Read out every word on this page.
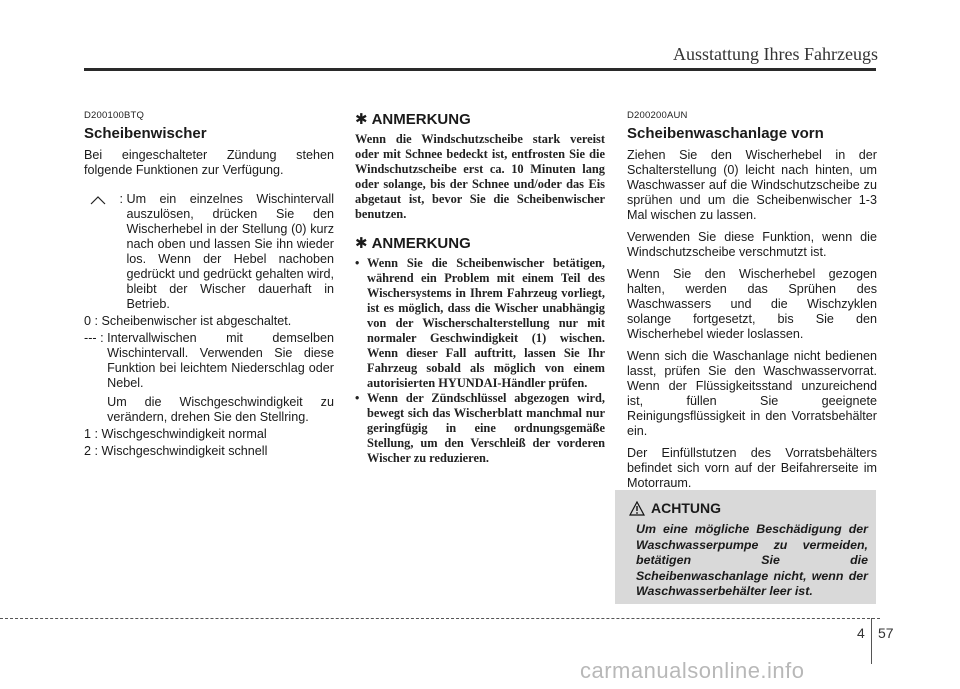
Ausstattung Ihres Fahrzeugs
D200100BTQ
Scheibenwischer
Bei eingeschalteter Zündung stehen folgende Funktionen zur Verfügung.
: Um ein einzelnes Wischintervall auszulösen, drücken Sie den Wischerhebel in der Stellung (0) kurz nach oben und lassen Sie ihn wieder los. Wenn der Hebel nachoben gedrückt und gedrückt gehalten wird, bleibt der Wischer dauerhaft in Betrieb.
0 : Scheibenwischer ist abgeschaltet.
--- : Intervallwischen mit demselben Wischintervall. Verwenden Sie diese Funktion bei leichtem Niederschlag oder Nebel.
Um die Wischgeschwindigkeit zu verändern, drehen Sie den Stellring.
1 : Wischgeschwindigkeit normal
2 : Wischgeschwindigkeit schnell
✱ ANMERKUNG
Wenn die Windschutzscheibe stark vereist oder mit Schnee bedeckt ist, entfrosten Sie die Windschutzscheibe erst ca. 10 Minuten lang oder solange, bis der Schnee und/oder das Eis abgetaut ist, bevor Sie die Scheibenwischer benutzen.
✱ ANMERKUNG
• Wenn Sie die Scheibenwischer betätigen, während ein Problem mit einem Teil des Wischersystems in Ihrem Fahrzeug vorliegt, ist es möglich, dass die Wischer unabhängig von der Wischerschalterstellung nur mit normaler Geschwindigkeit (1) wischen. Wenn dieser Fall auftritt, lassen Sie Ihr Fahrzeug sobald als möglich von einem autorisierten HYUNDAI-Händler prüfen.
• Wenn der Zündschlüssel abgezogen wird, bewegt sich das Wischerblatt manchmal nur geringfügig in eine ordnungsgemäße Stellung, um den Verschleiß der vorderen Wischer zu reduzieren.
D200200AUN
Scheibenwaschanlage vorn
Ziehen Sie den Wischerhebel in der Schalterstellung (0) leicht nach hinten, um Waschwasser auf die Windschutzscheibe zu sprühen und um die Scheibenwischer 1-3 Mal wischen zu lassen.
Verwenden Sie diese Funktion, wenn die Windschutzscheibe verschmutzt ist.
Wenn Sie den Wischerhebel gezogen halten, werden das Sprühen des Waschwassers und die Wischzyklen solange fortgesetzt, bis Sie den Wischerhebel wieder loslassen.
Wenn sich die Waschanlage nicht bedienen lasst, prüfen Sie den Waschwasservorrat. Wenn der Flüssigkeitsstand unzureichend ist, füllen Sie geeignete Reinigungsflüssigkeit in den Vorratsbehälter ein.
Der Einfüllstutzen des Vorratsbehälters befindet sich vorn auf der Beifahrerseite im Motorraum.
ACHTUNG
Um eine mögliche Beschädigung der Waschwasserpumpe zu vermeiden, betätigen Sie die Scheibenwaschanlage nicht, wenn der Waschwasserbehälter leer ist.
4 57
carmanualsonline.info
